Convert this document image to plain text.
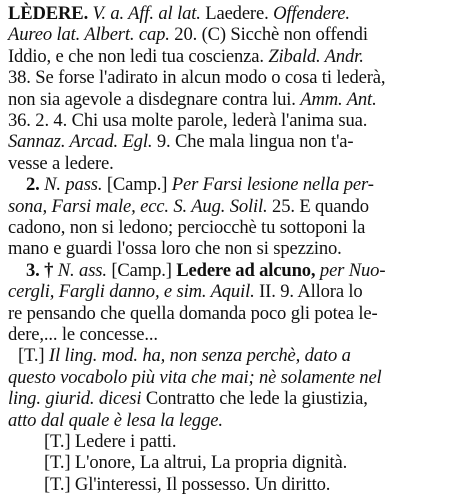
LÈDERE. V. a. Aff. al lat. Laedere. Offendere.
Aureo lat. Albert. cap. 20. (C) Sicchè non offendi
Iddio, e che non ledi tua coscienza. Zibald. Andr.
38. Se forse l'adirato in alcun modo o cosa ti lederà,
non sia agevole a disdegnare contra lui. Amm. Ant.
36. 2. 4. Chi usa molte parole, lederà l'anima sua.
Sannaz. Arcad. Egl. 9. Che mala lingua non t'a-
vesse a ledere.
2. N. pass. [Camp.] Per Farsi lesione nella per-
sona, Farsi male, ecc. S. Aug. Solil. 25. E quando
cadono, non si ledono; perciocchè tu sottoponi la
mano e guardi l'ossa loro che non si spezzino.
3. † N. ass. [Camp.] Ledere ad alcuno, per Nuo-
cergli, Fargli danno, e sim. Aquil. II. 9. Allora lo
re pensando che quella domanda poco gli potea le-
dere,... le concesse...
[T.] Il ling. mod. ha, non senza perchè, dato a
questo vocabolo più vita che mai; nè solamente nel
ling. giurid. dicesi Contratto che lede la giustizia,
atto dal quale è lesa la legge.
[T.] Ledere i patti.
[T.] L'onore, La altrui, La propria dignità.
[T.] Gl'interessi, Il possesso. Un diritto.
